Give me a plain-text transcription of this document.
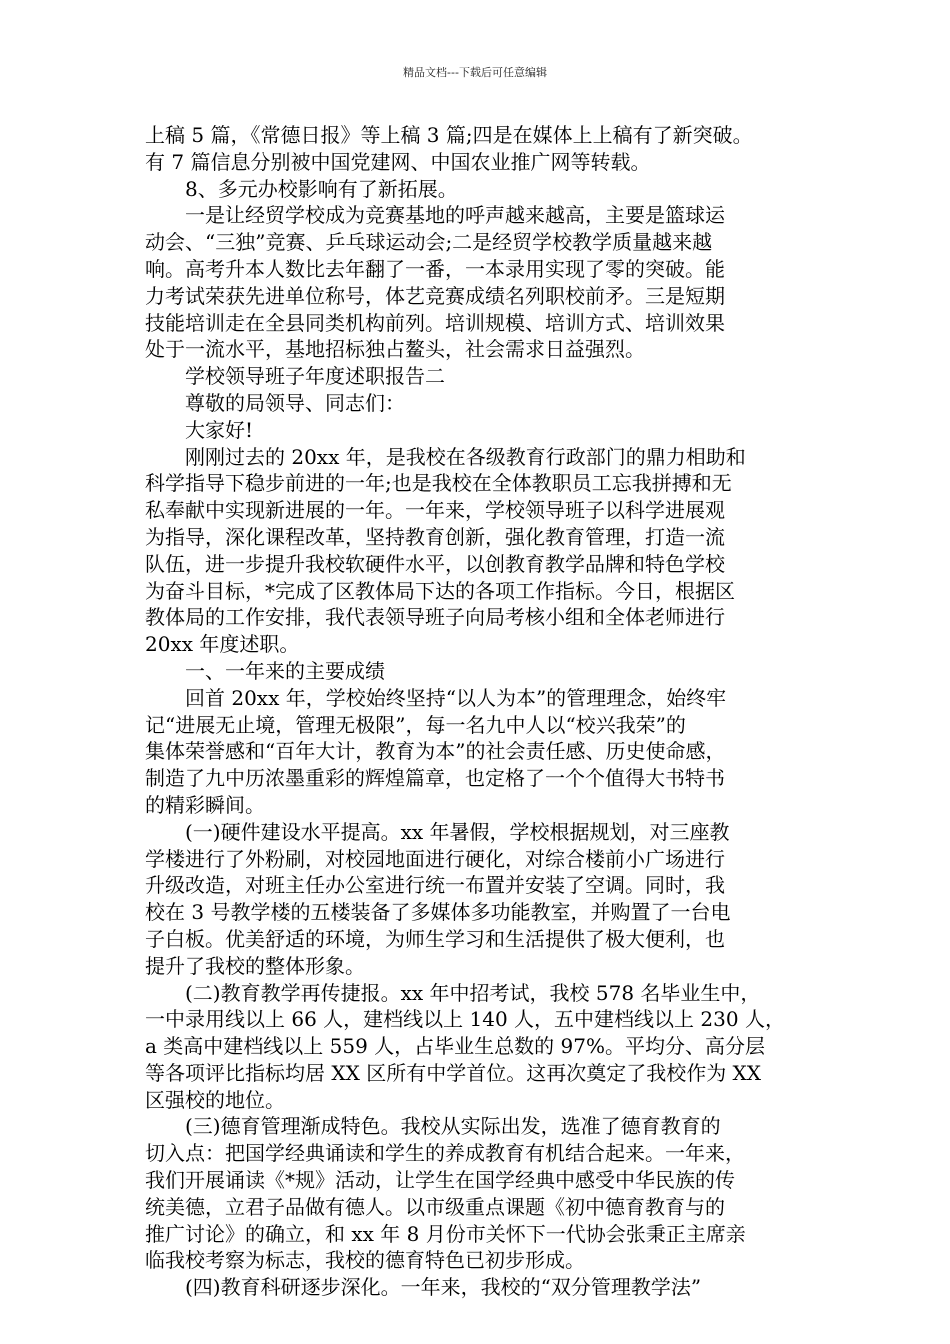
精品文档---下载后可任意编辑
上稿 5 篇，《常德日报》等上稿 3 篇;四是在媒体上上稿有了新突破。
有 7 篇信息分别被中国党建网、中国农业推广网等转载。
8、多元办校影响有了新拓展。
一是让经贸学校成为竞赛基地的呼声越来越高，主要是篮球运
动会、“三独”竞赛、乒乓球运动会;二是经贸学校教学质量越来越
响。高考升本人数比去年翻了一番，一本录用实现了零的突破。能
力考试荣获先进单位称号，体艺竞赛成绩名列职校前矛。三是短期
技能培训走在全县同类机构前列。培训规模、培训方式、培训效果
处于一流水平，基地招标独占鳌头，社会需求日益强烈。
学校领导班子年度述职报告二
尊敬的局领导、同志们：
大家好!
刚刚过去的 20xx 年，是我校在各级教育行政部门的鼎力相助和
科学指导下稳步前进的一年;也是我校在全体教职员工忘我拼搏和无
私奉献中实现新进展的一年。一年来，学校领导班子以科学进展观
为指导，深化课程改革，坚持教育创新，强化教育管理，打造一流
队伍，进一步提升我校软硬件水平，以创教育教学品牌和特色学校
为奋斗目标，*完成了区教体局下达的各项工作指标。今日，根据区
教体局的工作安排，我代表领导班子向局考核小组和全体老师进行
20xx 年度述职。
一、一年来的主要成绩
回首 20xx 年，学校始终坚持“以人为本”的管理理念，始终牢
记“进展无止境，管理无极限”，每一名九中人以“校兴我荣”的
集体荣誉感和“百年大计，教育为本”的社会责任感、历史使命感，
制造了九中历浓墨重彩的辉煌篇章，也定格了一个个值得大书特书
的精彩瞬间。
(一)硬件建设水平提高。xx 年暑假，学校根据规划，对三座教
学楼进行了外粉刷，对校园地面进行硬化，对综合楼前小广场进行
升级改造，对班主任办公室进行统一布置并安装了空调。同时，我
校在 3 号教学楼的五楼装备了多媒体多功能教室，并购置了一台电
子白板。优美舒适的环境，为师生学习和生活提供了极大便利，也
提升了我校的整体形象。
(二)教育教学再传捷报。xx 年中招考试，我校 578 名毕业生中，
一中录用线以上 66 人，建档线以上 140 人，五中建档线以上 230 人，
a 类高中建档线以上 559 人，占毕业生总数的 97%。平均分、高分层
等各项评比指标均居 XX 区所有中学首位。这再次奠定了我校作为 XX
区强校的地位。
(三)德育管理渐成特色。我校从实际出发，选准了德育教育的
切入点：把国学经典诵读和学生的养成教育有机结合起来。一年来，
我们开展诵读《*规》活动，让学生在国学经典中感受中华民族的传
统美德，立君子品做有德人。以市级重点课题《初中德育教育与的
推广讨论》的确立，和 xx 年 8 月份市关怀下一代协会张秉正主席亲
临我校考察为标志，我校的德育特色已初步形成。
(四)教育科研逐步深化。一年来，我校的“双分管理教学法”
